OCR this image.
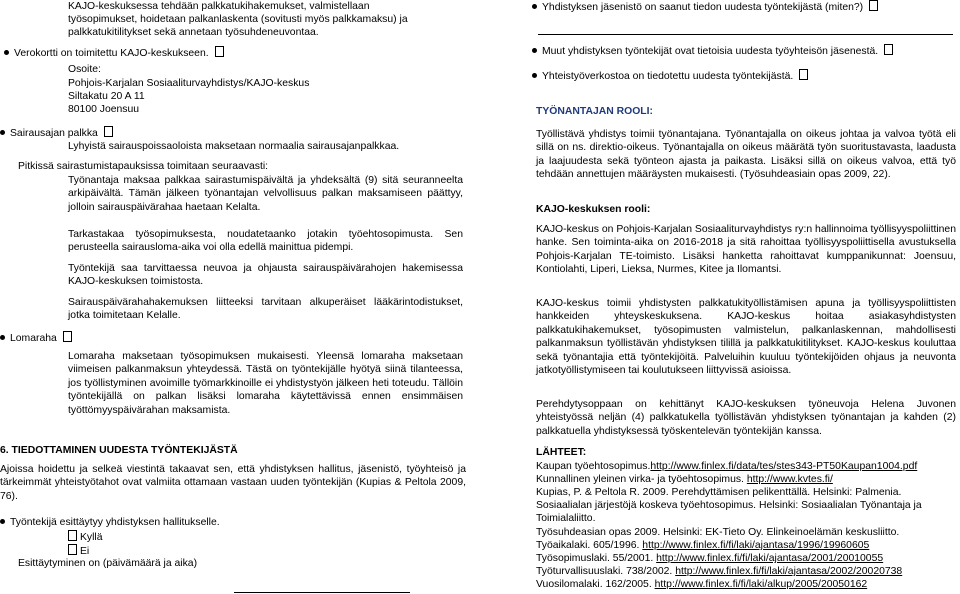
KAJO-keskuksessa tehdään palkkatukihakemukset, valmistellaan
työsopimukset, hoidetaan palkanlaskenta (sovitusti myös palkkamaksu) ja
palkkatukitilitykset sekä annetaan työsuhdeneuvontaa.
Verokortti on toimitettu KAJO-keskukseen.
Osoite:
Pohjois-Karjalan Sosiaaliturvayhdistys/KAJO-keskus
Siltakatu 20 A 11
80100 Joensuu
Sairausajan palkka
Lyhyistä sairauspoissaoloista maksetaan normaalia sairausajanpalkkaa.
Pitkissä sairastumistapauksissa toimitaan seuraavasti:
Työnantaja maksaa palkkaa sairastumispäivältä ja yhdeksältä (9) sitä seuranneelta arkipäivältä. Tämän jälkeen työnantajan velvollisuus palkan maksamiseen päättyy, jolloin sairauspäivärahaa haetaan Kelalta.
Tarkastakaa työsopimuksesta, noudatetaanko jotakin työehtosopimusta. Sen perusteella sairausloma-aika voi olla edellä mainittua pidempi.
Työntekijä saa tarvittaessa neuvoa ja ohjausta sairauspäivärahojen hakemisessa KAJO-keskuksen toimistosta.
Sairauspäivärahahakemuksen liitteeksi tarvitaan alkuperäiset lääkärintodistukset, jotka toimitetaan Kelalle.
Lomaraha
Lomaraha maksetaan työsopimuksen mukaisesti. Yleensä lomaraha maksetaan viimeisen palkanmaksun yhteydessä. Tästä on työntekijälle hyötyä siinä tilanteessa, jos työllistyminen avoimille työmarkkinoille ei yhdistystyön jälkeen heti toteudu. Tällöin työntekijällä on palkan lisäksi lomaraha käytettävissä ennen ensimmäisen työttömyyspäivärahan maksamista.
6. TIEDOTTAMINEN UUDESTA TYÖNTEKIJÄSTÄ
Ajoissa hoidettu ja selkeä viestintä takaavat sen, että yhdistyksen hallitus, jäsenistö, työyhteisö ja tärkeimmät yhteistyötahot ovat valmiita ottamaan vastaan uuden työntekijän (Kupias & Peltola 2009, 76).
Työntekijä esittäytyy yhdistyksen hallitukselle.
Kyllä
Ei
Esittäytyminen on (päivämäärä ja aika)
Yhdistyksen jäsenistö on saanut tiedon uudesta työntekijästä (miten?)
Muut yhdistyksen työntekijät ovat tietoisia uudesta työyhteisön jäsenestä.
Yhteistyöverkostoa on tiedotettu uudesta työntekijästä.
TYÖNANTAJAN ROOLI:
Työllistävä yhdistys toimii työnantajana. Työnantajalla on oikeus johtaa ja valvoa työtä eli sillä on ns. direktio-oikeus. Työnantajalla on oikeus määrätä työn suoritustavasta, laadusta ja laajuudesta sekä työnteon ajasta ja paikasta. Lisäksi sillä on oikeus valvoa, että työ tehdään annettujen määräysten mukaisesti. (Työsuhdeasiain opas 2009, 22).
KAJO-keskuksen rooli:
KAJO-keskus on Pohjois-Karjalan Sosiaaliturvayhdistys ry:n hallinnoima työllisyyspoliittinen hanke. Sen toiminta-aika on 2016-2018 ja sitä rahoittaa työllisyyspoliittisella avustuksella Pohjois-Karjalan TE-toimisto. Lisäksi hanketta rahoittavat kumppanikunnat: Joensuu, Kontiolahti, Liperi, Lieksa, Nurmes, Kitee ja Ilomantsi.
KAJO-keskus toimii yhdistysten palkkatukityöllistämisen apuna ja työllisyyspoliittisten hankkeiden yhteyskeskuksena. KAJO-keskus hoitaa asiakasyhdistysten palkkatukihakemukset, työsopimusten valmistelun, palkanlaskennan, mahdollisesti palkanmaksun työllistävän yhdistyksen tilillä ja palkkatukitilitykset. KAJO-keskus kouluttaa sekä työnantajia että työntekijöitä. Palveluihin kuuluu työntekijöiden ohjaus ja neuvonta jatkotyöllistymiseen tai koulutukseen liittyvissä asioissa.
Perehdytysoppaan on kehittänyt KAJO-keskuksen työneuvoja Helena Juvonen yhteistyössä neljän (4) palkkatukella työllistävän yhdistyksen työnantajan ja kahden (2) palkkatuella yhdistyksessä työskentelevän työntekijän kanssa.
LÄHTEET:
Kaupan työehtosopimus.http://www.finlex.fi/data/tes/stes343-PT50Kaupan1004.pdf
Kunnallinen yleinen virka- ja työehtosopimus. http://www.kvtes.fi/
Kupias, P. & Peltola R. 2009. Perehdyttämisen pelikenttällä. Helsinki: Palmenia.
Sosiaalialan järjestöjä koskeva työehtosopimus. Helsinki: Sosiaalialan Työnantaja ja Toimialaliitto.
Työsuhdeasian opas 2009. Helsinki: EK-Tieto Oy. Elinkeinoelämän keskusliitto.
Työaikalaki. 605/1996. http://www.finlex.fi/fi/laki/ajantasa/1996/19960605
Työsopimuslaki. 55/2001. http://www.finlex.fi/fi/laki/ajantasa/2001/20010055
Työturvallisuuslaki. 738/2002. http://www.finlex.fi/fi/laki/ajantasa/2002/20020738
Vuosilomalaki. 162/2005. http://www.finlex.fi/fi/laki/alkup/2005/20050162
